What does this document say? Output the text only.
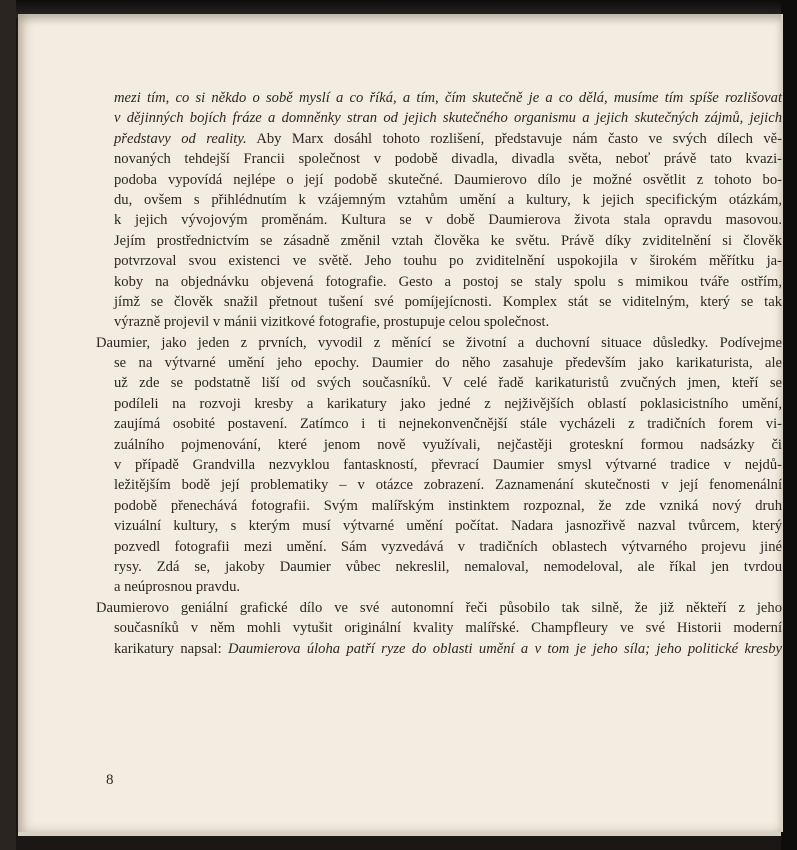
mezi tím, co si někdo o sobě myslí a co říká, a tím, čím skutečně je a co dělá, musíme tím spíše rozlišovat
v dějinných bojích fráze a domněnky stran od jejich skutečného organismu a jejich skutečných zájmů, jejich
představy od reality. Aby Marx dosáhl tohoto rozlišení, představuje nám často ve svých dílech vě-
novaných tehdejší Francii společnost v podobě divadla, divadla světa, neboť právě tato kvazi-
podoba vypovídá nejlépe o její podobě skutečné. Daumierovo dílo je možné osvětlit z tohoto bo-
du, ovšem s přihlédnutím k vzájemným vztahům umění a kultury, k jejich specifickým otázkám,
k jejich vývojovým proměnám. Kultura se v době Daumierova života stala opravdu masovou.
Jejím prostřednictvím se zásadně změnil vztah člověka ke světu. Právě díky zviditelnění si člověk
potvrzoval svou existenci ve světě. Jeho touhu po zviditelnění uspokojila v širokém měřítku ja-
koby na objednávku objevená fotografie. Gesto a postoj se staly spolu s mimikou tváře ostřím,
jímž se člověk snažil přetnout tušení své pomíjejícnosti. Komplex stát se viditelným, který se tak
výrazně projevil v mánii vizitkové fotografie, prostupuje celou společnost.
Daumier, jako jeden z prvních, vyvodil z měnící se životní a duchovní situace důsledky. Podívejme
se na výtvarné umění jeho epochy. Daumier do něho zasahuje především jako karikaturista, ale
už zde se podstatně liší od svých současníků. V celé řadě karikaturistů zvučných jmen, kteří se
podíleli na rozvoji kresby a karikatury jako jedné z nejživějších oblastí poklasicistního umění,
zaujímá osobité postavení. Zatímco i ti nejnekonvenčnější stále vycházeli z tradičních forem vi-
zuálního pojmenování, které jenom nově využívali, nejčastěji groteskní formou nadsázky či
v případě Grandvilla nezvyklou fantaskností, převrací Daumier smysl výtvarné tradice v nejdů-
ležitějším bodě její problematiky – v otázce zobrazení. Zaznamenání skutečnosti v její fenomenální
podobě přenechává fotografii. Svým malířským instinktem rozpoznal, že zde vzniká nový druh
vizuální kultury, s kterým musí výtvarné umění počítat. Nadara jasnozřivě nazval tvůrcem, který
pozvedl fotografii mezi umění. Sám vyzvedává v tradičních oblastech výtvarného projevu jiné
rysy. Zdá se, jakoby Daumier vůbec nekreslil, nemaloval, nemodeloval, ale říkal jen tvrdou
a neúprosnou pravdu.
Daumierovo geniální grafické dílo ve své autonomní řeči působilo tak silně, že již někteří z jeho
současníků v něm mohli vytušit originální kvality malířské. Champfleury ve své Historii moderní
karikatury napsal: Daumierova úloha patří ryze do oblasti umění a v tom je jeho síla; jeho politické kresby
8
